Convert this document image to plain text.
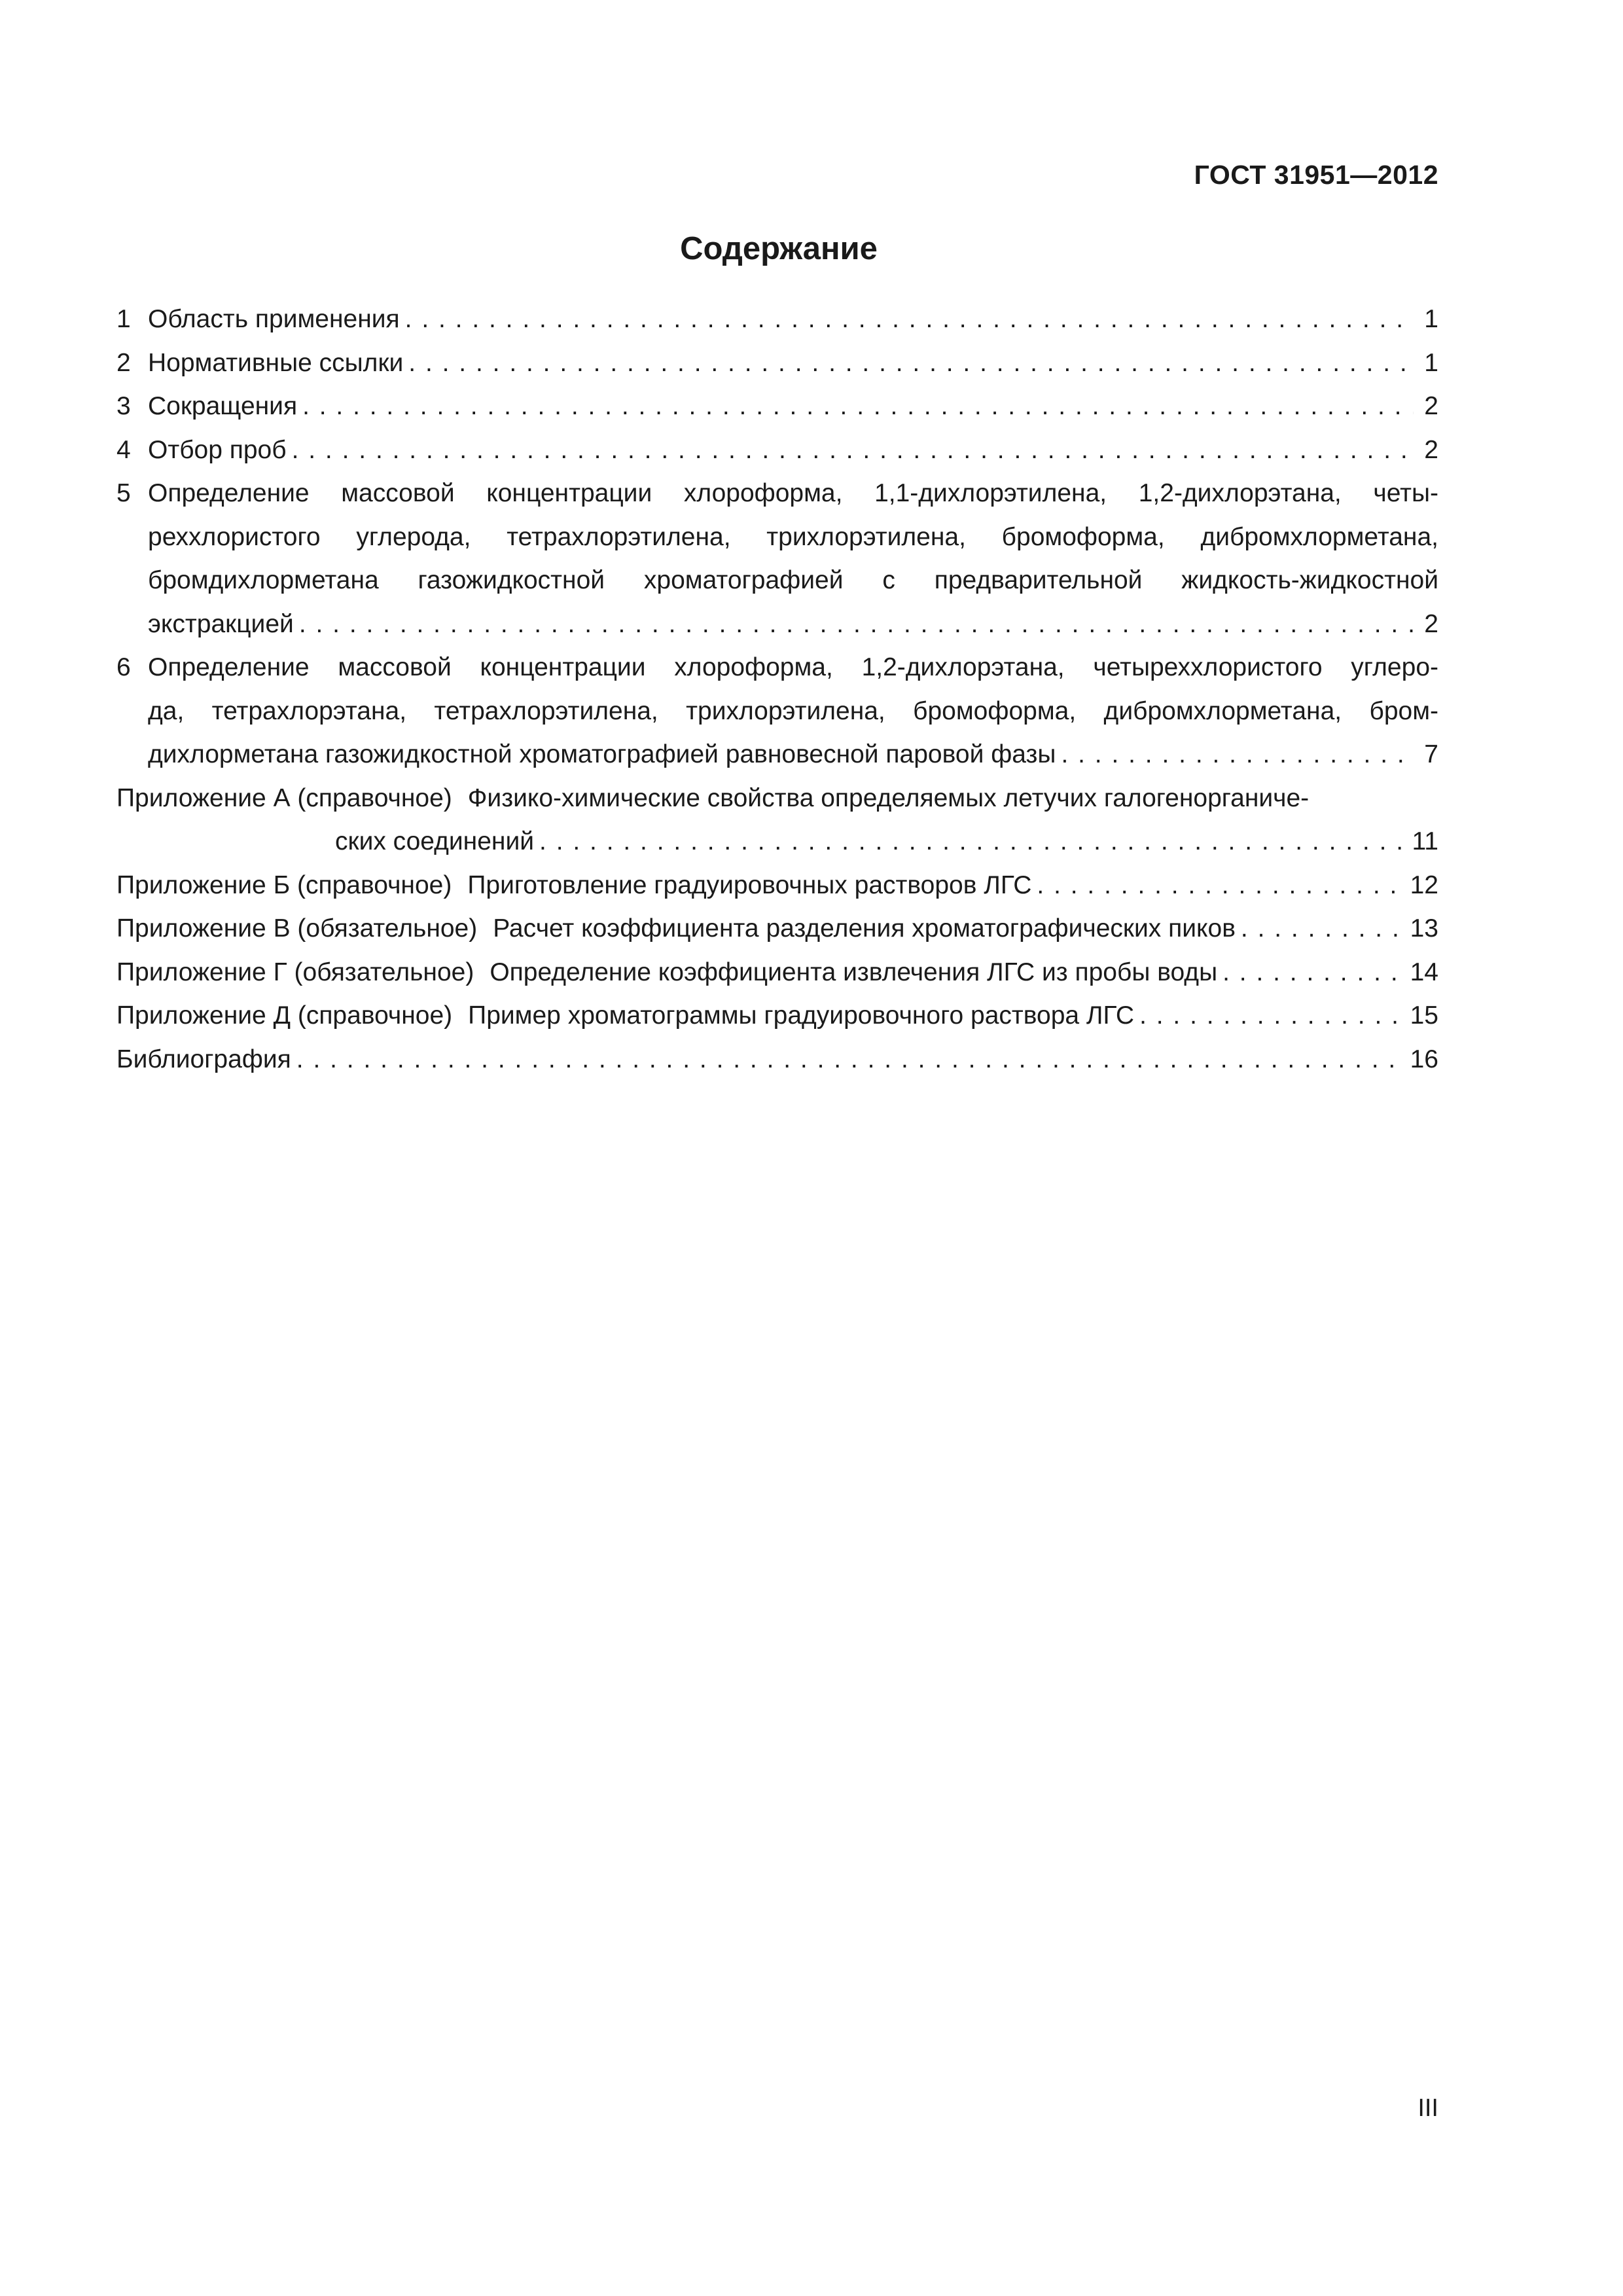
ГОСТ 31951—2012
Содержание
1 Область применения . . .	1
2 Нормативные ссылки . . .	1
3 Сокращения . . .	2
4 Отбор проб . . .	2
5 Определение массовой концентрации хлороформа, 1,1-дихлорэтилена, 1,2-дихлорэтана, четы-
реххлористого углерода, тетрахлорэтилена, трихлорэтилена, бромоформа, дибромхлорметана,
бромдихлорметана газожидкостной хроматографией с предварительной жидкость-жидкостной
экстракцией . . .	2
6 Определение массовой концентрации хлороформа, 1,2-дихлорэтана, четыреххлористого углеро-
да, тетрахлорэтана, тетрахлорэтилена, трихлорэтилена, бромоформа, дибромхлорметана, бром-
дихлорметана газожидкостной хроматографией равновесной паровой фазы . . .	7
Приложение А (справочное) Физико-химические свойства определяемых летучих галогенорганиче-
ских соединений . . .	11
Приложение Б (справочное) Приготовление градуировочных растворов ЛГС . . .	12
Приложение В (обязательное) Расчет коэффициента разделения хроматографических пиков . . .	13
Приложение Г (обязательное) Определение коэффициента извлечения ЛГС из пробы воды . . .	14
Приложение Д (справочное) Пример хроматограммы градуировочного раствора ЛГС . . .	15
Библиография . . .	16
III
